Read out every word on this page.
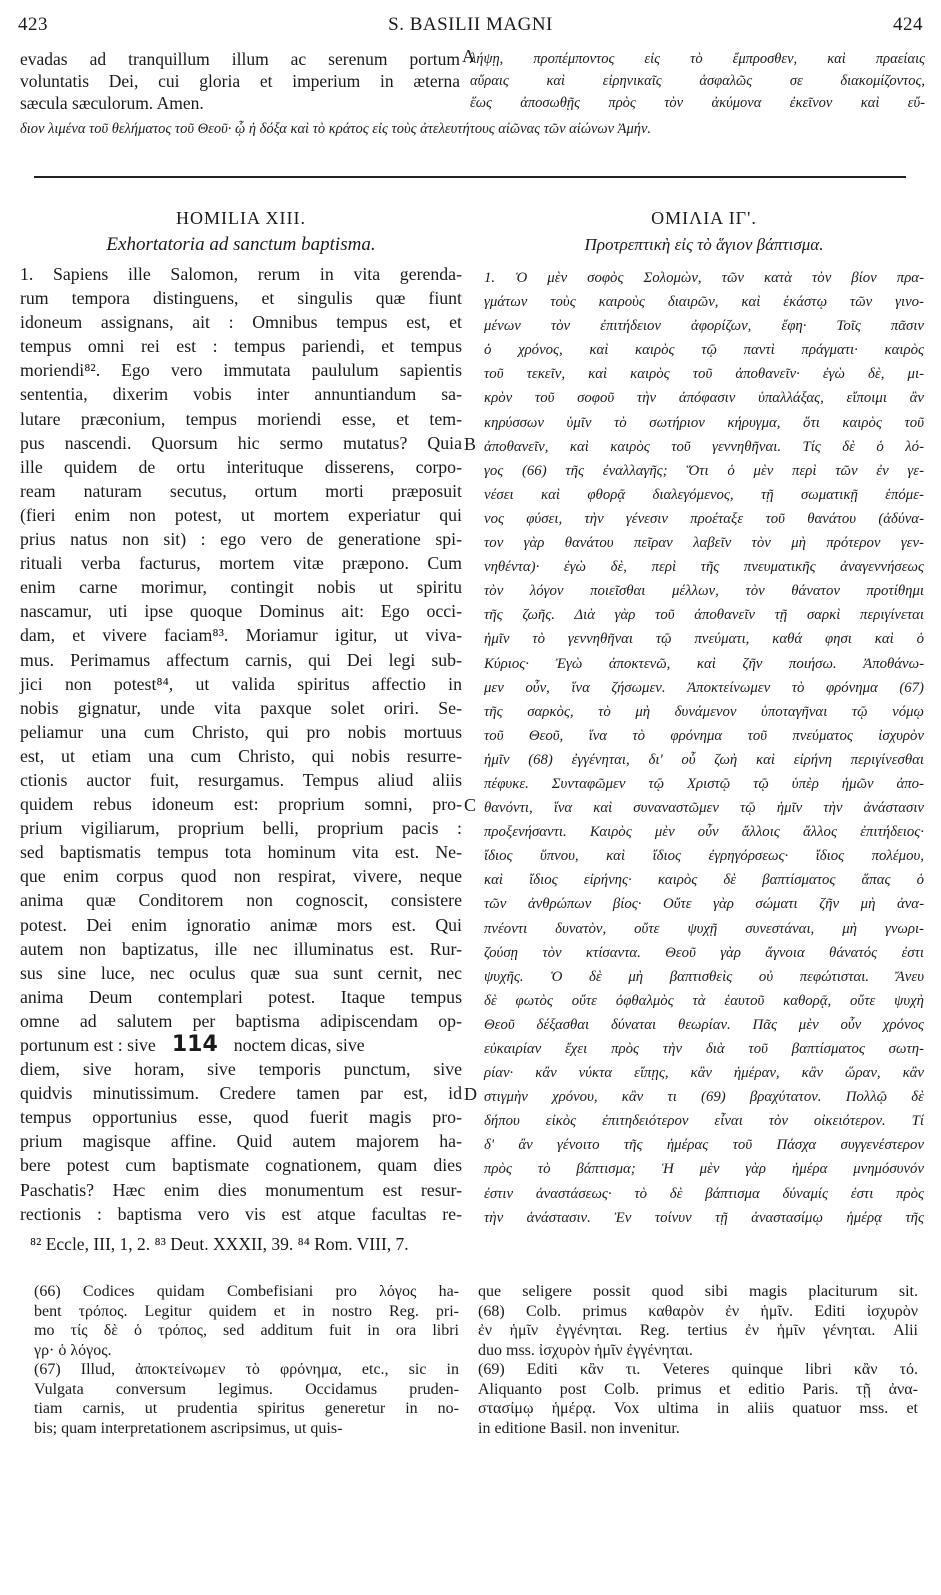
423	S. BASILII MAGNI	424
evadas ad tranquillum illum ac serenum portum
voluntatis Dei, cui gloria et imperium in æterna
sæcula sæculorum. Amen.
A
λήψῃ, προπέμποντος εἰς τὸ ἔμπροσθεν, καὶ πραείαις
αὔραις καὶ εἰρηνικαῖς ἀσφαλῶς σε διακομίζοντος,
ἕως ἀποσωθῇς πρὸς τὸν ἀκύμονα ἐκεῖνον καὶ εὔ-
διον λιμένα τοῦ θελήματος τοῦ Θεοῦ· ᾧ ἡ δόξα καὶ τὸ κράτος εἰς τοὺς ἀτελευτήτους αἰῶνας τῶν αἰώνων Ἀμήν.
HOMILIA XIII.
Exhortatoria ad sanctum baptisma.
ΟΜΙΛΙΑ ΙΓ'.
Προτρεπτικὴ εἰς τὸ ἅγιον βάπτισμα.
1. Sapiens ille Salomon, rerum in vita gerenda-
rum tempora distinguens, et singulis quæ fiunt
idoneum assignans, ait : Omnibus tempus est, et
tempus omni rei est : tempus pariendi, et tempus
moriendi⁸². Ego vero immutata paululum sapientis
sententia, dixerim vobis inter annuntiandum sa-
lutare præconium, tempus moriendi esse, et tem-
pus nascendi. Quorsum hic sermo mutatus? Quia
ille quidem de ortu interituque disserens, corpo-
ream naturam secutus, ortum morti præposuit
(fieri enim non potest, ut mortem experiatur qui
prius natus non sit) : ego vero de generatione spi-
rituali verba facturus, mortem vitæ præpono. Cum
enim carne morimur, contingit nobis ut spiritu
nascamur, uti ipse quoque Dominus ait: Ego occi-
dam, et vivere faciam⁸³. Moriamur igitur, ut viva-
mus. Perimamus affectum carnis, qui Dei legi sub-
jici non potest⁸⁴, ut valida spiritus affectio in
nobis gignatur, unde vita paxque solet oriri. Se-
peliamur una cum Christo, qui pro nobis mortuus
est, ut etiam una cum Christo, qui nobis resurre-
ctionis auctor fuit, resurgamus. Tempus aliud aliis
quidem rebus idoneum est: proprium somni, pro-
prium vigiliarum, proprium belli, proprium pacis :
sed baptismatis tempus tota hominum vita est. Ne-
que enim corpus quod non respirat, vivere, neque
anima quæ Conditorem non cognoscit, consistere
potest. Dei enim ignoratio animæ mors est. Qui
autem non baptizatus, ille nec illuminatus est. Rur-
sus sine luce, nec oculus quæ sua sunt cernit, nec
anima Deum contemplari potest. Itaque tempus
omne ad salutem per baptisma adipiscendam op-
portunum est : sive 114 noctem dicas, sive
diem, sive horam, sive temporis punctum, sive
quidvis minutissimum. Credere tamen par est, id
tempus opportunius esse, quod fuerit magis pro-
prium magisque affine. Quid autem majorem ha-
bere potest cum baptismate cognationem, quam dies
Paschatis? Hæc enim dies monumentum est resur-
rectionis : baptisma vero vis est atque facultas re-
B
C
D
1. Ὁ μὲν σοφὸς Σολομὼν, τῶν κατὰ τὸν βίον πρα-
γμάτων τοὺς καιροὺς διαιρῶν, καὶ ἑκάστῳ τῶν γινο-
μένων τὸν ἐπιτήδειον ἀφορίζων, ἔφη· Τοῖς πᾶσιν
ὁ χρόνος, καὶ καιρὸς τῷ παντὶ πράγματι· καιρὸς
τοῦ τεκεῖν, καὶ καιρὸς τοῦ ἀποθανεῖν· ἐγὼ δὲ, μι-
κρὸν τοῦ σοφοῦ τὴν ἀπόφασιν ὑπαλλάξας, εἴποιμι ἂν
κηρύσσων ὑμῖν τὸ σωτήριον κήρυγμα, ὅτι καιρὸς τοῦ
ἀποθανεῖν, καὶ καιρὸς τοῦ γεννηθῆναι. Τίς δὲ ὁ λό-
γος (66) τῆς ἐναλλαγῆς; Ὅτι ὁ μὲν περὶ τῶν ἐν γε-
νέσει καὶ φθορᾷ διαλεγόμενος, τῇ σωματικῇ ἑπόμε-
νος φύσει, τὴν γένεσιν προέταξε τοῦ θανάτου (ἀδύνα-
τον γὰρ θανάτου πεῖραν λαβεῖν τὸν μὴ πρότερον γεν-
νηθέντα)· ἐγὼ δὲ, περὶ τῆς πνευματικῆς ἀναγεννήσεως
τὸν λόγον ποιεῖσθαι μέλλων, τὸν θάνατον προτίθημι
τῆς ζωῆς. Διὰ γὰρ τοῦ ἀποθανεῖν τῇ σαρκὶ περιγίνεται
ἡμῖν τὸ γεννηθῆναι τῷ πνεύματι, καθά φησι καὶ ὁ
Κύριος· Ἐγὼ ἀποκτενῶ, καὶ ζῆν ποιήσω. Ἀποθάνω-
μεν οὖν, ἵνα ζήσωμεν. Ἀποκτείνωμεν τὸ φρόνημα (67)
τῆς σαρκὸς, τὸ μὴ δυνάμενον ὑποταγῆναι τῷ νόμῳ
τοῦ Θεοῦ, ἵνα τὸ φρόνημα τοῦ πνεύματος ἰσχυρὸν
ἡμῖν (68) ἐγγένηται, δι' οὗ ζωὴ καὶ εἰρήνη περιγίνεσθαι
πέφυκε. Συνταφῶμεν τῷ Χριστῷ τῷ ὑπὲρ ἡμῶν ἀπο-
θανόντι, ἵνα καὶ συναναστῶμεν τῷ ἡμῖν τὴν ἀνάστασιν
προξενήσαντι. Καιρὸς μὲν οὖν ἄλλοις ἄλλος ἐπιτήδειος·
ἴδιος ὕπνου, καὶ ἴδιος ἐγρηγόρσεως· ἴδιος πολέμου,
καὶ ἴδιος εἰρήνης· καιρὸς δὲ βαπτίσματος ἅπας ὁ
τῶν ἀνθρώπων βίος· Οὔτε γὰρ σώματι ζῆν μὴ ἀνα-
πνέοντι δυνατὸν, οὔτε ψυχῇ συνεστάναι, μὴ γνωρι-
ζούσῃ τὸν κτίσαντα. Θεοῦ γὰρ ἄγνοια θάνατός ἐστι
ψυχῆς. Ὁ δὲ μὴ βαπτισθεὶς οὐ πεφώτισται. Ἄνευ
δὲ φωτὸς οὔτε ὀφθαλμὸς τὰ ἑαυτοῦ καθορᾷ, οὔτε ψυχὴ
Θεοῦ δέξασθαι δύναται θεωρίαν. Πᾶς μὲν οὖν χρόνος
εὐκαιρίαν ἔχει πρὸς τὴν διὰ τοῦ βαπτίσματος σωτη-
ρίαν· κἂν νύκτα εἴπῃς, κἂν ἡμέραν, κἂν ὥραν, κἂν
στιγμὴν χρόνου, κἂν τι (69) βραχύτατον. Πολλῷ δὲ
δήπου εἰκὸς ἐπιτηδειότερον εἶναι τὸν οἰκειότερον. Τί
δ' ἂν γένοιτο τῆς ἡμέρας τοῦ Πάσχα συγγενέστερον
πρὸς τὸ βάπτισμα; Ἡ μὲν γὰρ ἡμέρα μνημόσυνόν
ἐστιν ἀναστάσεως· τὸ δὲ βάπτισμα δύναμίς ἐστι πρὸς
τὴν ἀνάστασιν. Ἐν τοίνυν τῇ ἀναστασίμῳ ἡμέρᾳ τῆς
⁸² Eccle, III, 1, 2. ⁸³ Deut. XXXII, 39. ⁸⁴ Rom. VIII, 7.
(66) Codices quidam Combefisiani pro λόγος ha-
bent τρόπος. Legitur quidem et in nostro Reg. pri-
mo τίς δὲ ὁ τρόπος, sed additum fuit in ora libri
γρ· ὁ λόγος.
(67) Illud, ἀποκτείνωμεν τὸ φρόνημα, etc., sic in
Vulgata conversum legimus. Occidamus pruden-
tiam carnis, ut prudentia spiritus generetur in no-
bis; quam interpretationem ascripsimus, ut quis-
que seligere possit quod sibi magis placiturum sit.
(68) Colb. primus καθαρὸν ἐν ἡμῖν. Editi ἰσχυρὸν
ἐν ἡμῖν ἐγγένηται. Reg. tertius ἐν ἡμῖν γένηται. Alii
duo mss. ἰσχυρὸν ἡμῖν ἐγγένηται.
(69) Editi κἂν τι. Veteres quinque libri κἂν τό.
Aliquanto post Colb. primus et editio Paris. τῇ ἀνα-
στασίμῳ ἡμέρᾳ. Vox ultima in aliis quatuor mss. et
in editione Basil. non invenitur.
